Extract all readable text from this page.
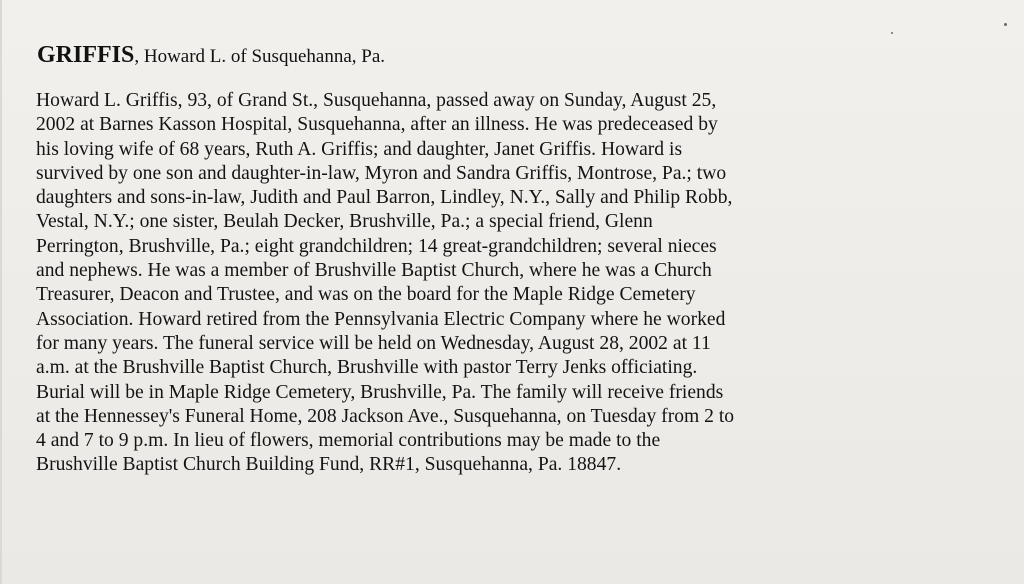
GRIFFIS, Howard L. of Susquehanna, Pa.
Howard L. Griffis, 93, of Grand St., Susquehanna, passed away on Sunday, August 25,
2002 at Barnes Kasson Hospital, Susquehanna, after an illness. He was predeceased by
his loving wife of 68 years, Ruth A. Griffis; and daughter, Janet Griffis. Howard is
survived by one son and daughter-in-law, Myron and Sandra Griffis, Montrose, Pa.; two
daughters and sons-in-law, Judith and Paul Barron, Lindley, N.Y., Sally and Philip Robb,
Vestal, N.Y.; one sister, Beulah Decker, Brushville, Pa.; a special friend, Glenn
Perrington, Brushville, Pa.; eight grandchildren; 14 great-grandchildren; several nieces
and nephews. He was a member of Brushville Baptist Church, where he was a Church
Treasurer, Deacon and Trustee, and was on the board for the Maple Ridge Cemetery
Association. Howard retired from the Pennsylvania Electric Company where he worked
for many years. The funeral service will be held on Wednesday, August 28, 2002 at 11
a.m. at the Brushville Baptist Church, Brushville with pastor Terry Jenks officiating.
Burial will be in Maple Ridge Cemetery, Brushville, Pa. The family will receive friends
at the Hennessey's Funeral Home, 208 Jackson Ave., Susquehanna, on Tuesday from 2 to
4 and 7 to 9 p.m. In lieu of flowers, memorial contributions may be made to the
Brushville Baptist Church Building Fund, RR#1, Susquehanna, Pa. 18847.
